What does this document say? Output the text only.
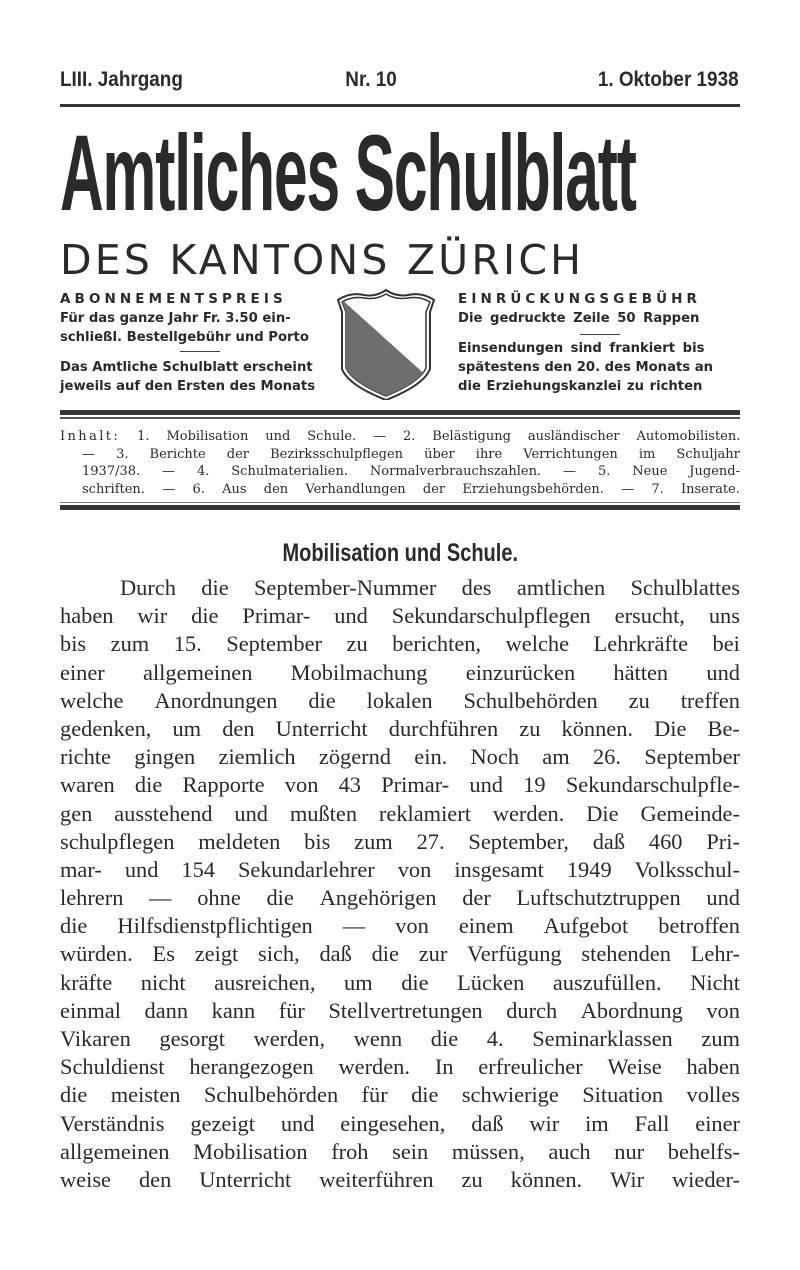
LIII. Jahrgang	Nr. 10	1. Oktober 1938
Amtliches Schulblatt
DES KANTONS ZÜRICH
ABONNEMENTSPREIS
Für das ganze Jahr Fr. 3.50 ein-
schließl. Bestellgebühr und Porto
Das Amtliche Schulblatt erscheint
jeweils auf den Ersten des Monats
EINRÜCKUNGSGEBÜHR
Die gedruckte Zeile 50 Rappen
Einsendungen sind frankiert bis
spätestens den 20. des Monats an
die Erziehungskanzlei zu richten
Inhalt: 1. Mobilisation und Schule. — 2. Belästigung ausländischer Automobilisten.
— 3. Berichte der Bezirksschulpflegen über ihre Verrichtungen im Schuljahr
1937/38. — 4. Schulmaterialien. Normalverbrauchszahlen. — 5. Neue Jugend-
schriften. — 6. Aus den Verhandlungen der Erziehungsbehörden. — 7. Inserate.
Mobilisation und Schule.
Durch die September-Nummer des amtlichen Schulblattes
haben wir die Primar- und Sekundarschulpflegen ersucht, uns
bis zum 15. September zu berichten, welche Lehrkräfte bei
einer allgemeinen Mobilmachung einzurücken hätten und
welche Anordnungen die lokalen Schulbehörden zu treffen
gedenken, um den Unterricht durchführen zu können. Die Be-
richte gingen ziemlich zögernd ein. Noch am 26. September
waren die Rapporte von 43 Primar- und 19 Sekundarschulpfle-
gen ausstehend und mußten reklamiert werden. Die Gemeinde-
schulpflegen meldeten bis zum 27. September, daß 460 Pri-
mar- und 154 Sekundarlehrer von insgesamt 1949 Volksschul-
lehrern — ohne die Angehörigen der Luftschutztruppen und
die Hilfsdienstpflichtigen — von einem Aufgebot betroffen
würden. Es zeigt sich, daß die zur Verfügung stehenden Lehr-
kräfte nicht ausreichen, um die Lücken auszufüllen. Nicht
einmal dann kann für Stellvertretungen durch Abordnung von
Vikaren gesorgt werden, wenn die 4. Seminarklassen zum
Schuldienst herangezogen werden. In erfreulicher Weise haben
die meisten Schulbehörden für die schwierige Situation volles
Verständnis gezeigt und eingesehen, daß wir im Fall einer
allgemeinen Mobilisation froh sein müssen, auch nur behelfs-
weise den Unterricht weiterführen zu können. Wir wieder-
